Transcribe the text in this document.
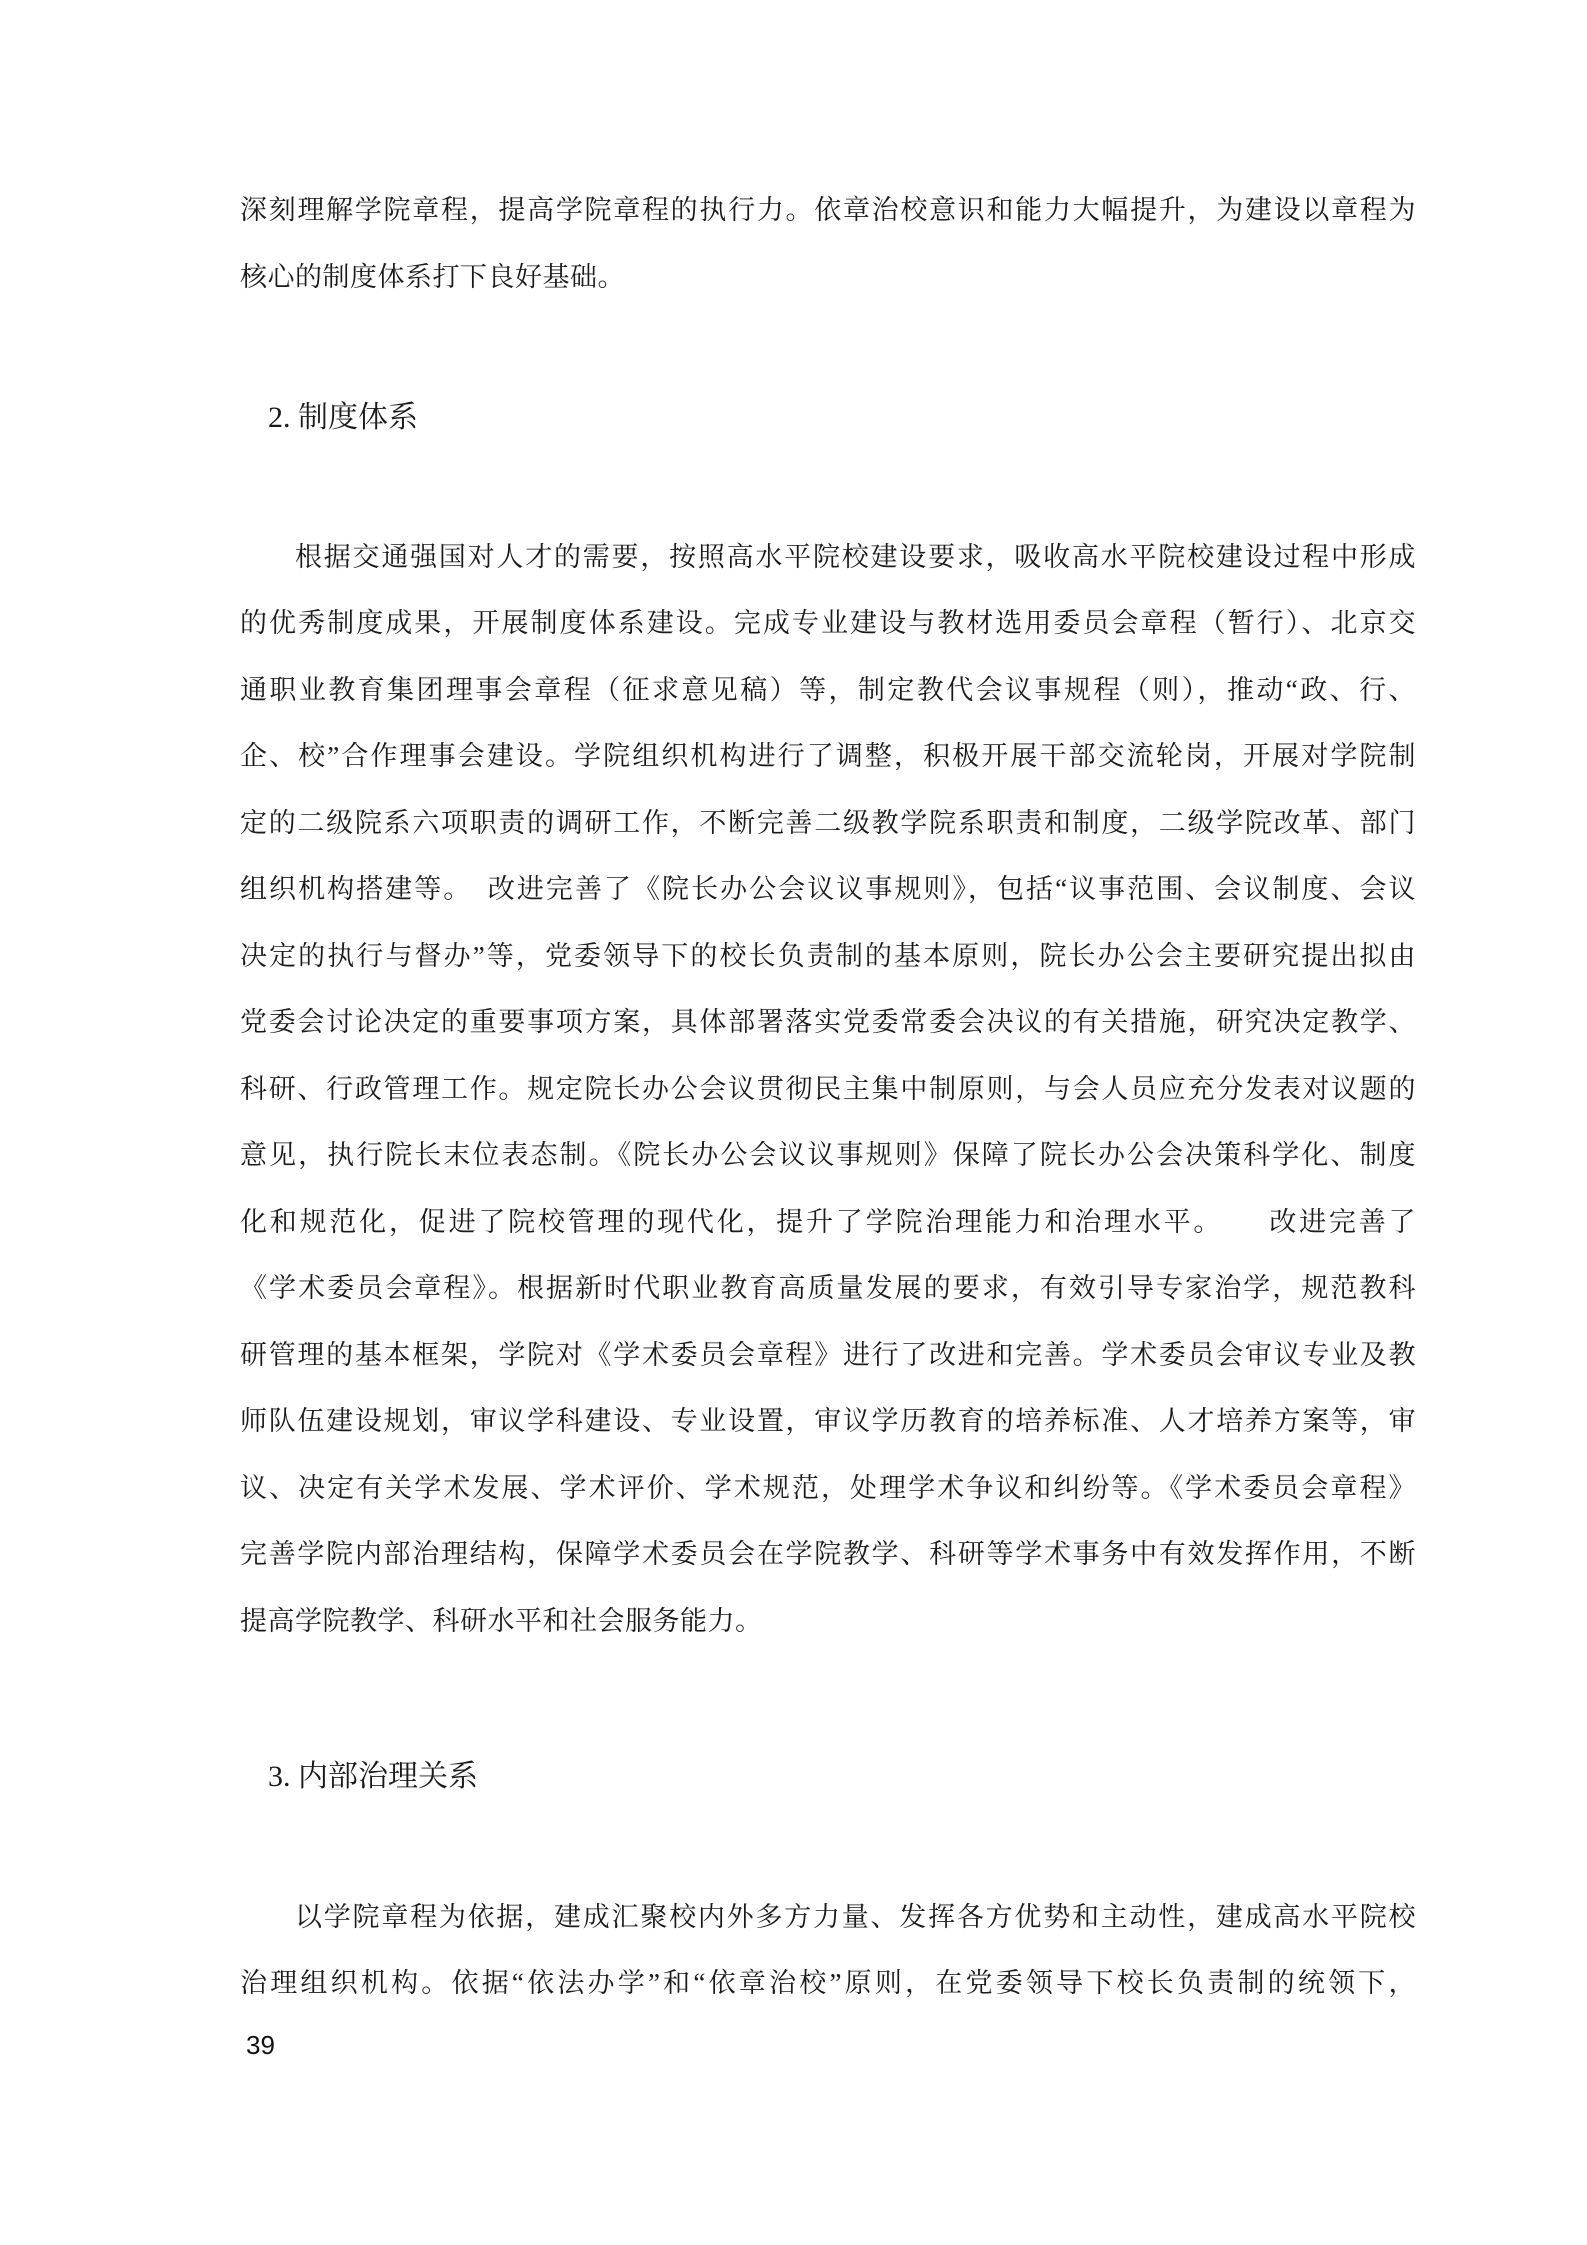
深刻理解学院章程，提高学院章程的执行力。依章治校意识和能力大幅提升，为建设以章程为
核心的制度体系打下良好基础。
2. 制度体系
根据交通强国对人才的需要，按照高水平院校建设要求，吸收高水平院校建设过程中形成
的优秀制度成果，开展制度体系建设。完成专业建设与教材选用委员会章程（暂行）、北京交
通职业教育集团理事会章程（征求意见稿）等，制定教代会议事规程（则），推动“政、行、
企、校”合作理事会建设。学院组织机构进行了调整，积极开展干部交流轮岗，开展对学院制
定的二级院系六项职责的调研工作，不断完善二级教学院系职责和制度，二级学院改革、部门
组织机构搭建等。　改进完善了《院长办公会议议事规则》，包括“议事范围、会议制度、会议
决定的执行与督办”等，党委领导下的校长负责制的基本原则，院长办公会主要研究提出拟由
党委会讨论决定的重要事项方案，具体部署落实党委常委会决议的有关措施，研究决定教学、
科研、行政管理工作。规定院长办公会议贯彻民主集中制原则，与会人员应充分发表对议题的
意见，执行院长末位表态制。《院长办公会议议事规则》保障了院长办公会决策科学化、制度
化和规范化，促进了院校管理的现代化，提升了学院治理能力和治理水平。　　改进完善了
《学术委员会章程》。根据新时代职业教育高质量发展的要求，有效引导专家治学，规范教科
研管理的基本框架，学院对《学术委员会章程》进行了改进和完善。学术委员会审议专业及教
师队伍建设规划，审议学科建设、专业设置，审议学历教育的培养标准、人才培养方案等，审
议、决定有关学术发展、学术评价、学术规范，处理学术争议和纠纷等。《学术委员会章程》
完善学院内部治理结构，保障学术委员会在学院教学、科研等学术事务中有效发挥作用，不断
提高学院教学、科研水平和社会服务能力。
3. 内部治理关系
以学院章程为依据，建成汇聚校内外多方力量、发挥各方优势和主动性，建成高水平院校
治理组织机构。依据“依法办学”和“依章治校”原则，在党委领导下校长负责制的统领下，
39
